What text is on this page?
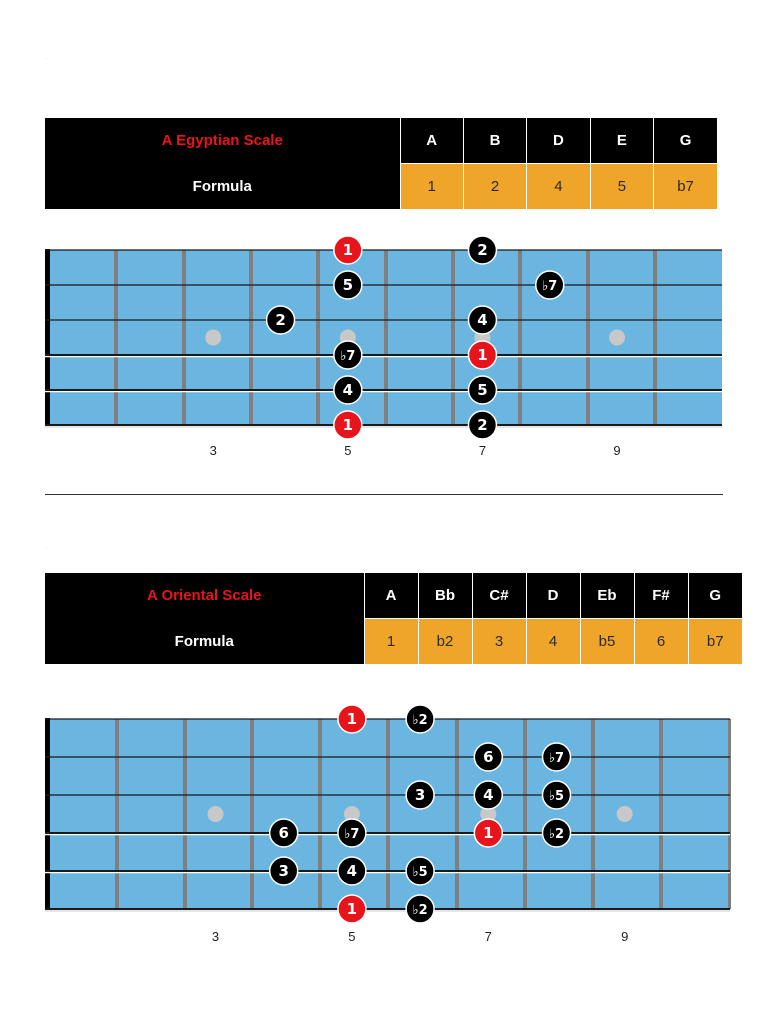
.
.
A Egyptian Scale	A	B	D	E	G
Formula	1	2	4	5	b7
3	5	7	9
1	2
5	♭7
2	4
♭7	1
4	5
1	2
A Oriental Scale	A	Bb	C#	D	Eb	F#	G
Formula	1	b2	3	4	b5	6	b7
3	5	7	9
1	♭2
6	♭7
3	4	♭5
6	♭7	1	♭2
3	4	♭5
1	♭2
